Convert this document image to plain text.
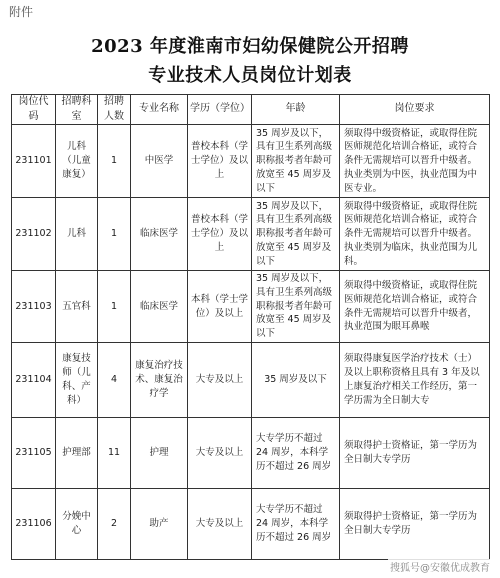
附件
2023 年度淮南市妇幼保健院公开招聘
专业技术人员岗位计划表
岗位代码	招聘科室	招聘人数	专业名称	学历（学位）	年龄	岗位要求
231101	儿科（儿童康复）	1	中医学	普校本科（学士学位）及以上	35 周岁及以下，具有卫生系列高级职称报考者年龄可放宽至 45 周岁及以下	须取得中级资格证，或取得住院医师规范化培训合格证，或符合条件无需规培可以晋升中级者。执业类别为中医，执业范围为中医专业。
231102	儿科	1	临床医学	普校本科（学士学位）及以上	35 周岁及以下，具有卫生系列高级职称报考者年龄可放宽至 45 周岁及以下	须取得中级资格证，或取得住院医师规范化培训合格证，或符合条件无需规培可以晋升中级者。执业类别为临床，执业范围为儿科。
231103	五官科	1	临床医学	本科（学士学位）及以上	35 周岁及以下，具有卫生系列高级职称报考者年龄可放宽至 45 周岁及以下	须取得中级资格证，或取得住院医师规范化培训合格证，或符合条件无需规培可以晋升中级者，执业范围为眼耳鼻喉
231104	康复技师（儿科、产科）	4	康复治疗技术、康复治疗学	大专及以上	35 周岁及以下	须取得康复医学治疗技术（士）及以上职称资格且具有 3 年及以上康复治疗相关工作经历，第一学历需为全日制大专
231105	护理部	11	护理	大专及以上	大专学历不超过 24 周岁，本科学历不超过 26 周岁	须取得护士资格证，第一学历为全日制大专学历
231106	分娩中心	2	助产	大专及以上	大专学历不超过 24 周岁，本科学历不超过 26 周岁	须取得护士资格证，第一学历为全日制大专学历
搜狐号@安徽优成教育
